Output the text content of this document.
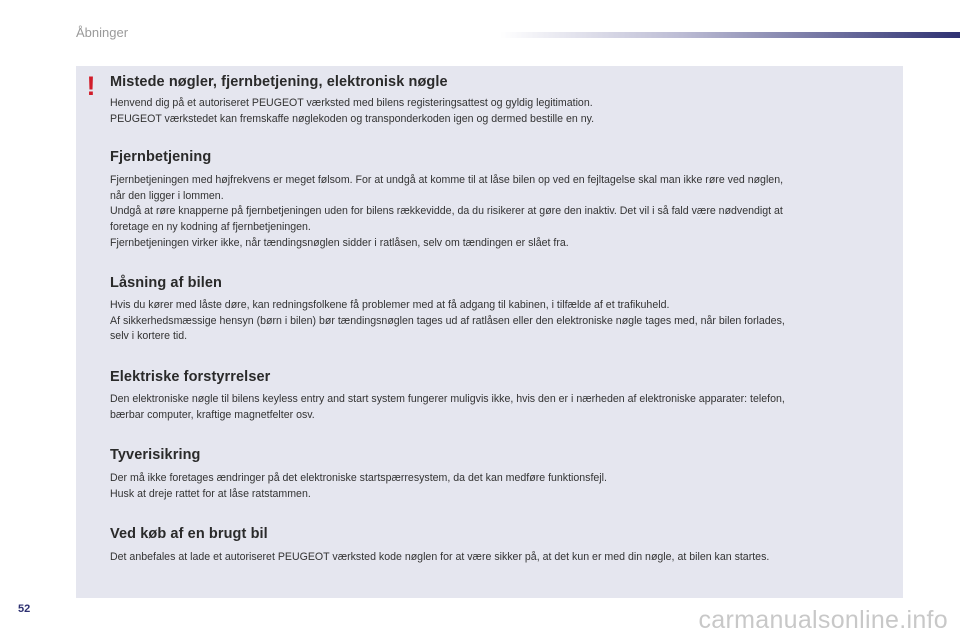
Åbninger
!	Mistede nøgler, fjernbetjening, elektronisk nøgle
Henvend dig på et autoriseret PEUGEOT værksted med bilens registeringsattest og gyldig legitimation.
PEUGEOT værkstedet kan fremskaffe nøglekoden og transponderkoden igen og dermed bestille en ny.
Fjernbetjening
Fjernbetjeningen med højfrekvens er meget følsom. For at undgå at komme til at låse bilen op ved en fejltagelse skal man ikke røre ved nøglen,
når den ligger i lommen.
Undgå at røre knapperne på fjernbetjeningen uden for bilens rækkevidde, da du risikerer at gøre den inaktiv. Det vil i så fald være nødvendigt at
foretage en ny kodning af fjernbetjeningen.
Fjernbetjeningen virker ikke, når tændingsnøglen sidder i ratlåsen, selv om tændingen er slået fra.
Låsning af bilen
Hvis du kører med låste døre, kan redningsfolkene få problemer med at få adgang til kabinen, i tilfælde af et trafikuheld.
Af sikkerhedsmæssige hensyn (børn i bilen) bør tændingsnøglen tages ud af ratlåsen eller den elektroniske nøgle tages med, når bilen forlades,
selv i kortere tid.
Elektriske forstyrrelser
Den elektroniske nøgle til bilens keyless entry and start system fungerer muligvis ikke, hvis den er i nærheden af elektroniske apparater: telefon,
bærbar computer, kraftige magnetfelter osv.
Tyverisikring
Der må ikke foretages ændringer på det elektroniske startspærresystem, da det kan medføre funktionsfejl.
Husk at dreje rattet for at låse ratstammen.
Ved køb af en brugt bil
Det anbefales at lade et autoriseret PEUGEOT værksted kode nøglen for at være sikker på, at det kun er med din nøgle, at bilen kan startes.
52	carmanualsonline.info
